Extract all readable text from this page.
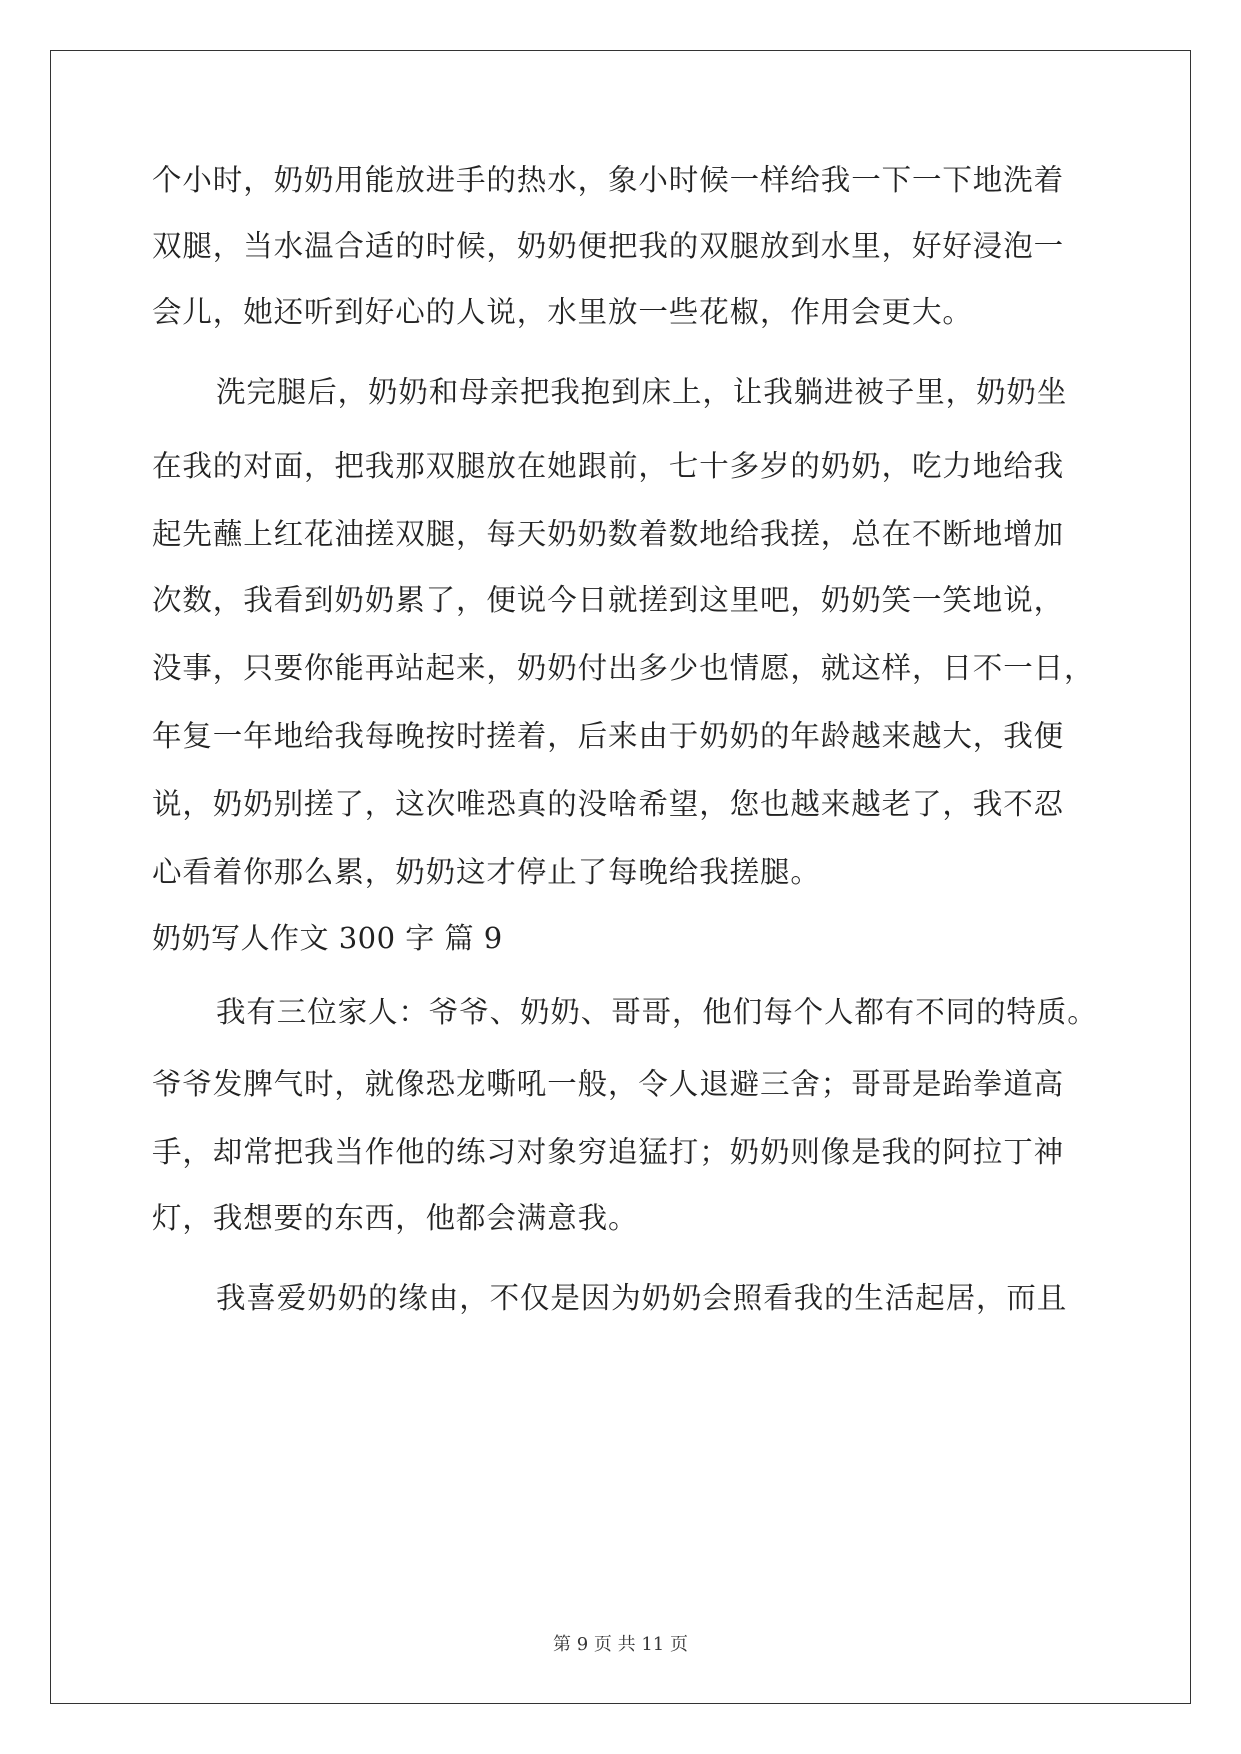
个小时，奶奶用能放进手的热水，象小时候一样给我一下一下地洗着
双腿，当水温合适的时候，奶奶便把我的双腿放到水里，好好浸泡一
会儿，她还听到好心的人说，水里放一些花椒，作用会更大。
洗完腿后，奶奶和母亲把我抱到床上，让我躺进被子里，奶奶坐
在我的对面，把我那双腿放在她跟前，七十多岁的奶奶，吃力地给我
起先蘸上红花油搓双腿，每天奶奶数着数地给我搓，总在不断地增加
次数，我看到奶奶累了，便说今日就搓到这里吧，奶奶笑一笑地说，
没事，只要你能再站起来，奶奶付出多少也情愿，就这样，日不一日，
年复一年地给我每晚按时搓着，后来由于奶奶的年龄越来越大，我便
说，奶奶别搓了，这次唯恐真的没啥希望，您也越来越老了，我不忍
心看着你那么累，奶奶这才停止了每晚给我搓腿。
奶奶写人作文 300 字 篇 9
我有三位家人：爷爷、奶奶、哥哥，他们每个人都有不同的特质。
爷爷发脾气时，就像恐龙嘶吼一般，令人退避三舍；哥哥是跆拳道高
手，却常把我当作他的练习对象穷追猛打；奶奶则像是我的阿拉丁神
灯，我想要的东西，他都会满意我。
我喜爱奶奶的缘由，不仅是因为奶奶会照看我的生活起居，而且
第 9 页 共 11 页
